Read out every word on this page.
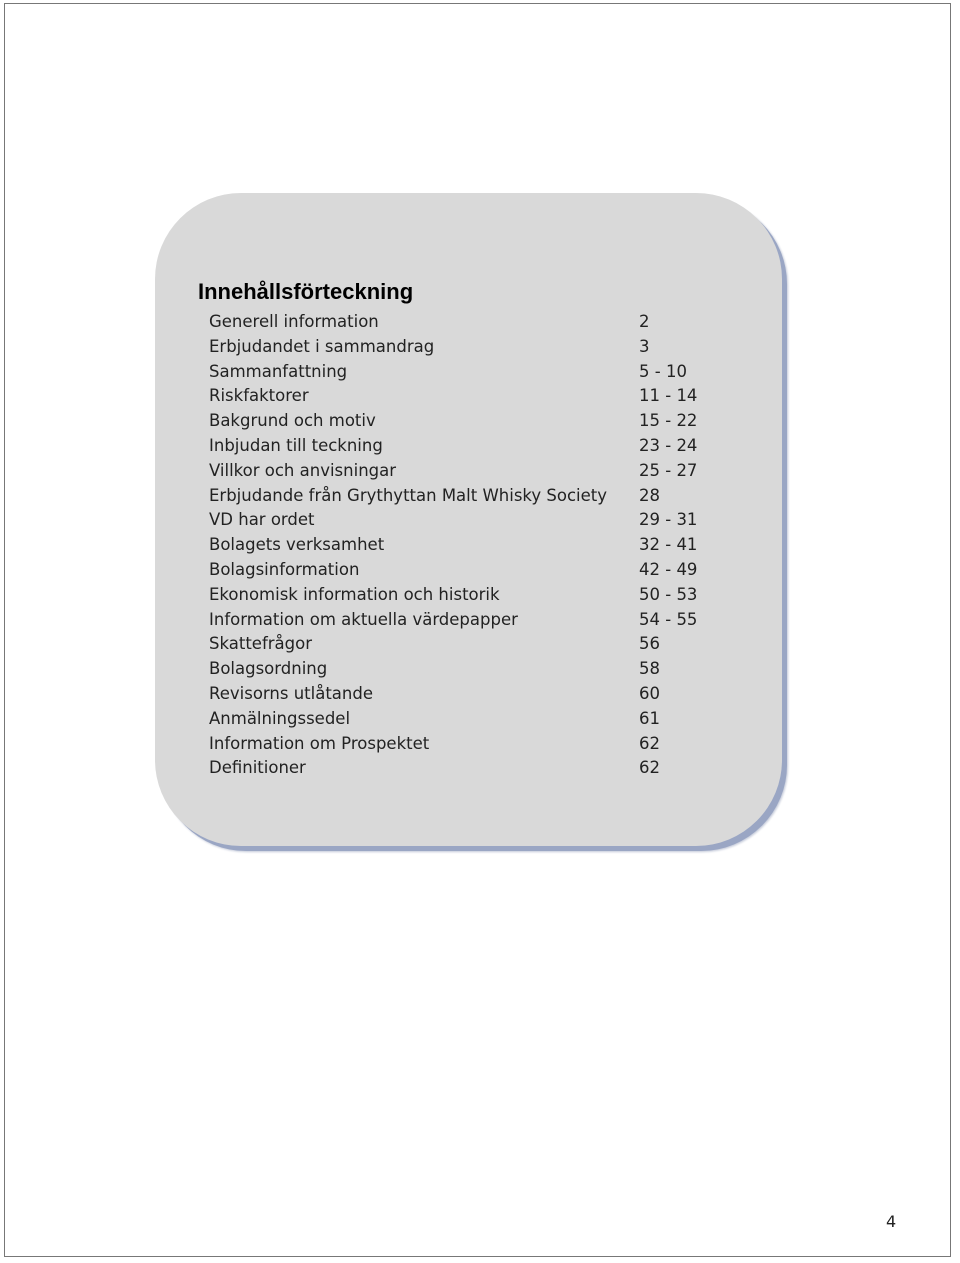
Innehållsförteckning
Generell information	2
Erbjudandet i sammandrag	3
Sammanfattning	5 - 10
Riskfaktorer	11 - 14
Bakgrund och motiv	15 - 22
Inbjudan till teckning	23 - 24
Villkor och anvisningar	25 - 27
Erbjudande från Grythyttan Malt Whisky Society 28
VD har ordet	29 - 31
Bolagets verksamhet	32 - 41
Bolagsinformation	42 - 49
Ekonomisk information och historik	50 - 53
Information om aktuella värdepapper	54 - 55
Skattefrågor	56
Bolagsordning	58
Revisorns utlåtande	60
Anmälningssedel	61
Information om Prospektet	62
Definitioner	62
4
